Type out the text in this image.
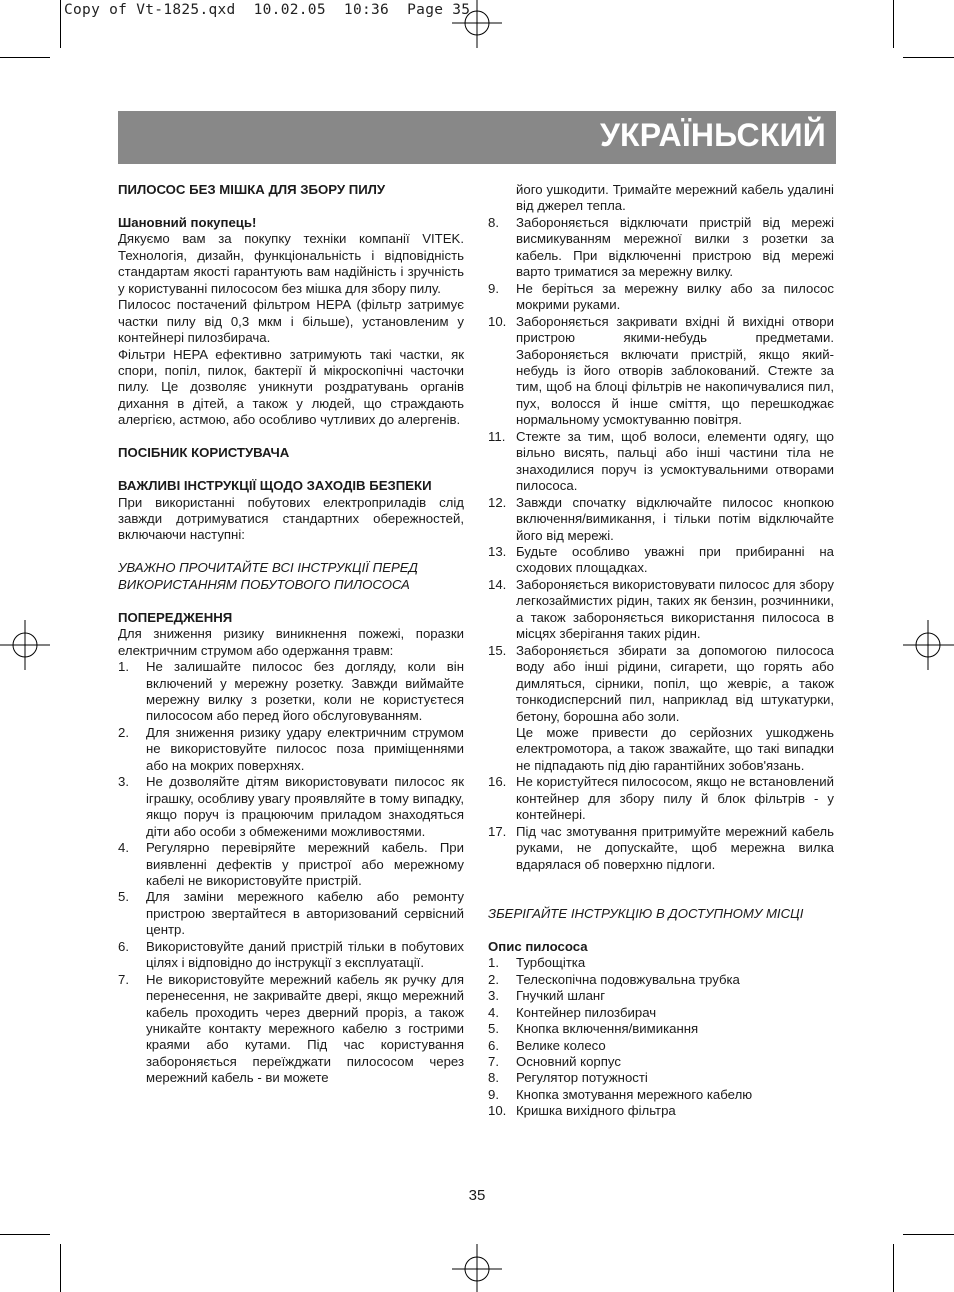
Copy of Vt-1825.qxd  10.02.05  10:36  Page 35
УКРАЇНЬСКИЙ

ПИЛОСОС БЕЗ МІШКА ДЛЯ ЗБОРУ ПИЛУ

Шановний покупець!

Дякуємо вам за покупку техніки компанії VITEK. Технологія, дизайн, функціональність і відповідність стандартам якості гарантують вам надійність і зручність у користуванні пилососом без мішка для збору пилу.

Пилосос постачений фільтром HEPA (фільтр затримує частки пилу від 0,3 мкм і більше), установленим у контейнері пилозбирача.

Фільтри HEPA ефективно затримують такі частки, як спори, попіл, пилок, бактерії й мікроскопічні часточки пилу. Це дозволяє уникнути роздратувань органів дихання в дітей, а також у людей, що страждають алергією, астмою, або особливо чутливих до алергенів.

ПОСІБНИК КОРИСТУВАЧА

ВАЖЛИВІ ІНСТРУКЦІЇ ЩОДО ЗАХОДІВ БЕЗПЕКИ

При використанні побутових електроприладів слід завжди дотримуватися стандартних обережностей, включаючи наступні:

УВАЖНО ПРОЧИТАЙТЕ ВСІ ІНСТРУКЦІЇ ПЕРЕД ВИКОРИСТАННЯМ ПОБУТОВОГО ПИЛОСОСА

ПОПЕРЕДЖЕННЯ

Для зниження ризику виникнення пожежі, поразки електричним струмом або одержання травм:

1.	Не залишайте пилосос без догляду, коли він включений у мережну розетку. Завжди виймайте мережну вилку з розетки, коли не користуєтеся пилососом або перед його обслуговуванням.
2.	Для зниження ризику удару електричним струмом не використовуйте пилосос поза приміщеннями або на мокрих поверхнях.
3.	Не дозволяйте дітям використовувати пилосос як іграшку, особливу увагу проявляйте в тому випадку, якщо поруч із працюючим приладом знаходяться діти або особи з обмеженими можливостями.
4.	Регулярно перевіряйте мережний кабель. При виявленні дефектів у пристрої або мережному кабелі не використовуйте пристрій.
5.	Для заміни мережного кабелю або ремонту пристрою звертайтеся в авторизований сервісний центр.
6.	Використовуйте даний пристрій тільки в побутових цілях і відповідно до інструкції з експлуатації.
7.	Не використовуйте мережний кабель як ручку для перенесення, не закривайте двері, якщо мережний кабель проходить через дверний проріз, а також уникайте контакту мережного кабелю з гострими краями або кутами. Під час користування забороняється переїжджати пилососом через мережний кабель - ви можете
його ушкодити. Тримайте мережний кабель удалині від джерел тепла.
8.	Забороняється відключати пристрій від мережі висмикуванням мережної вилки з розетки за кабель. При відключенні пристрою від мережі варто триматися за мережну вилку.
9.	Не беріться за мережну вилку або за пилосос мокрими руками.
10. Забороняється закривати вхідні й вихідні отвори пристрою якими-небудь предметами. Забороняється включати пристрій, якщо який-небудь із його отворів заблокований. Стежте за тим, щоб на блоці фільтрів не накопичувалися пил, пух, волосся й інше сміття, що перешкоджає нормальному усмоктуванню повітря.
11. Стежте за тим, щоб волоси, елементи одягу, що вільно висять, пальці або інші частини тіла не знаходилися поруч із усмоктувальними отворами пилососа.
12. Завжди спочатку відключайте пилосос кнопкою включення/вимикання, і тільки потім відключайте його від мережі.
13. Будьте особливо уважні при прибиранні на сходових площадках.
14. Забороняється використовувати пилосос для збору легкозаймистих рідин, таких як бензин, розчинники, а також забороняється використання пилососа в місцях зберігання таких рідин.
15. Забороняється збирати за допомогою пилососа воду або інші рідини, сигарети, що горять або димляться, сірники, попіл, що жевріє, а також тонкодисперсний пил, наприклад від штукатурки, бетону, борошна або золи.
Це може привести до серйозних ушкоджень електромотора, а також зважайте, що такі випадки не підпадають під дію гарантійних зобов'язань.
16. Не користуйтеся пилососом, якщо не встановлений контейнер для збору пилу й блок фільтрів - у контейнері.
17. Під час змотування притримуйте мережний кабель руками, не допускайте, щоб мережна вилка вдарялася об поверхню підлоги.

ЗБЕРІГАЙТЕ ІНСТРУКЦІЮ В ДОСТУПНОМУ МІСЦІ

Опис пилососа

1.	Турбощітка
2.	Телескопічна подовжувальна трубка
3.	Гнучкий шланг
4.	Контейнер пилозбирач
5.	Кнопка включення/вимикання
6.	Велике колесо
7.	Основний корпус
8.	Регулятор потужності
9.	Кнопка змотування мережного кабелю
10. Кришка вихідного фільтра
35
